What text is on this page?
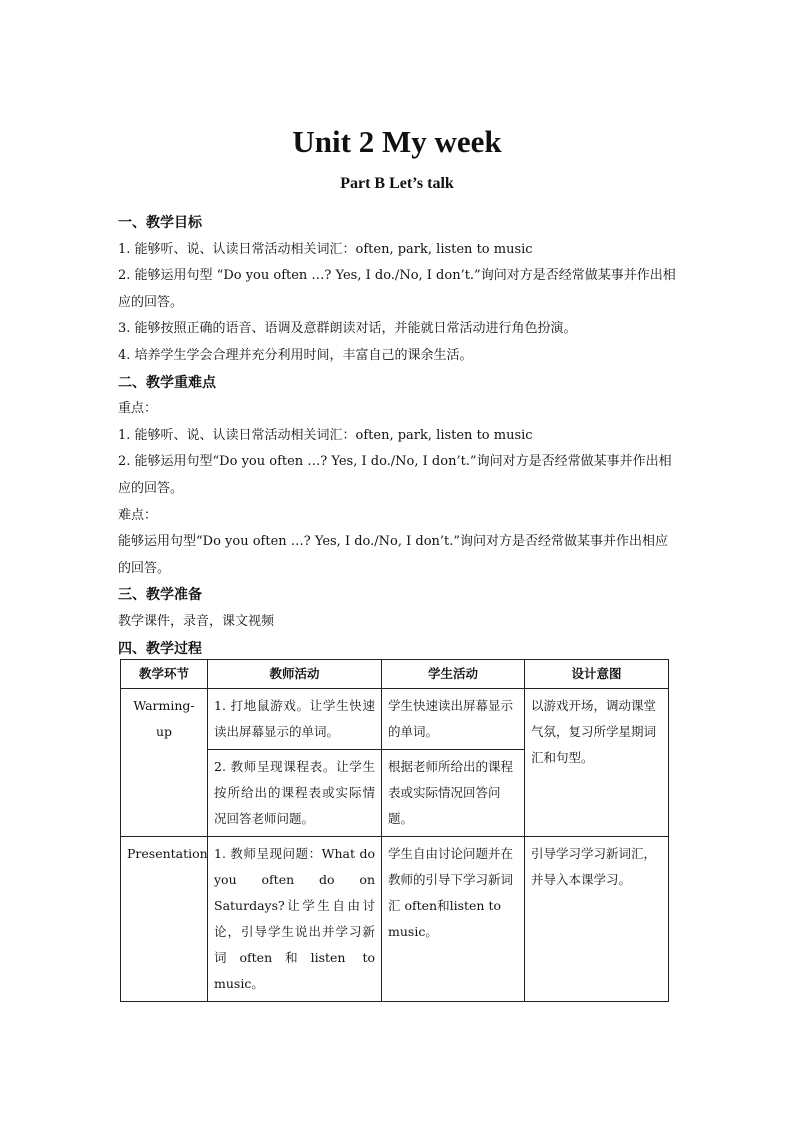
Unit 2 My week
Part B Let’s talk

一、教学目标

1. 能够听、说、认读日常活动相关词汇：often, park, listen to music

2. 能够运用句型 “Do you often …? Yes, I do./No, I don’t.”询问对方是否经常做某事并作出相应的回答。

3. 能够按照正确的语音、语调及意群朗读对话，并能就日常活动进行角色扮演。

4. 培养学生学会合理并充分利用时间，丰富自己的课余生活。

二、教学重难点

重点：

1. 能够听、说、认读日常活动相关词汇：often, park, listen to music

2. 能够运用句型“Do you often …? Yes, I do./No, I don’t.”询问对方是否经常做某事并作出相应的回答。

难点：

能够运用句型“Do you often …? Yes, I do./No, I don’t.”询问对方是否经常做某事并作出相应的回答。

三、教学准备

教学课件，录音，课文视频

四、教学过程

教学环节	教师活动	学生活动	设计意图
Warming-up	1. 打地鼠游戏。让学生快速读出屏幕显示的单词。	学生快速读出屏幕显示的单词。	以游戏开场，调动课堂气氛，复习所学星期词汇和句型。
	2. 教师呈现课程表。让学生按所给出的课程表或实际情况回答老师问题。	根据老师所给出的课程表或实际情况回答问题。	
Presentation	1. 教师呈现问题：What do you often do on Saturdays?让学生自由讨论，引导学生说出并学习新词often和listen to music。	学生自由讨论问题并在教师的引导下学习新词汇 often和listen to music。	引导学习学习新词汇，并导入本课学习。
